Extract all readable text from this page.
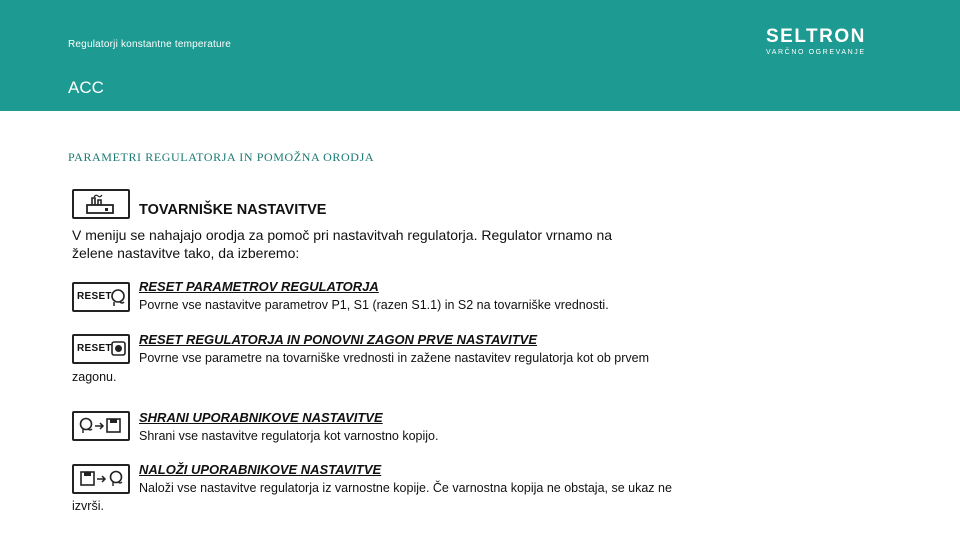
Regulatorji konstantne temperature
ACC
SELTRON
VARČNO OGREVANJE
PARAMETRI REGULATORJA IN POMOŽNA ORODJA
TOVARNIŠKE NASTAVITVE
V meniju se nahajajo orodja za pomoč pri nastavitvah regulatorja. Regulator vrnamo na
želene nastavitve tako, da izberemo:
RESET
RESET PARAMETROV REGULATORJA
Povrne vse nastavitve parametrov P1, S1 (razen S1.1) in S2 na tovarniške vrednosti.
RESET
RESET REGULATORJA IN PONOVNI ZAGON PRVE NASTAVITVE
Povrne vse parametre na tovarniške vrednosti in zažene nastavitev regulatorja kot ob prvem
zagonu.
SHRANI UPORABNIKOVE NASTAVITVE
Shrani vse nastavitve regulatorja kot varnostno kopijo.
NALOŽI UPORABNIKOVE NASTAVITVE
Naloži vse nastavitve regulatorja iz varnostne kopije. Če varnostna kopija ne obstaja, se ukaz ne
izvrši.
